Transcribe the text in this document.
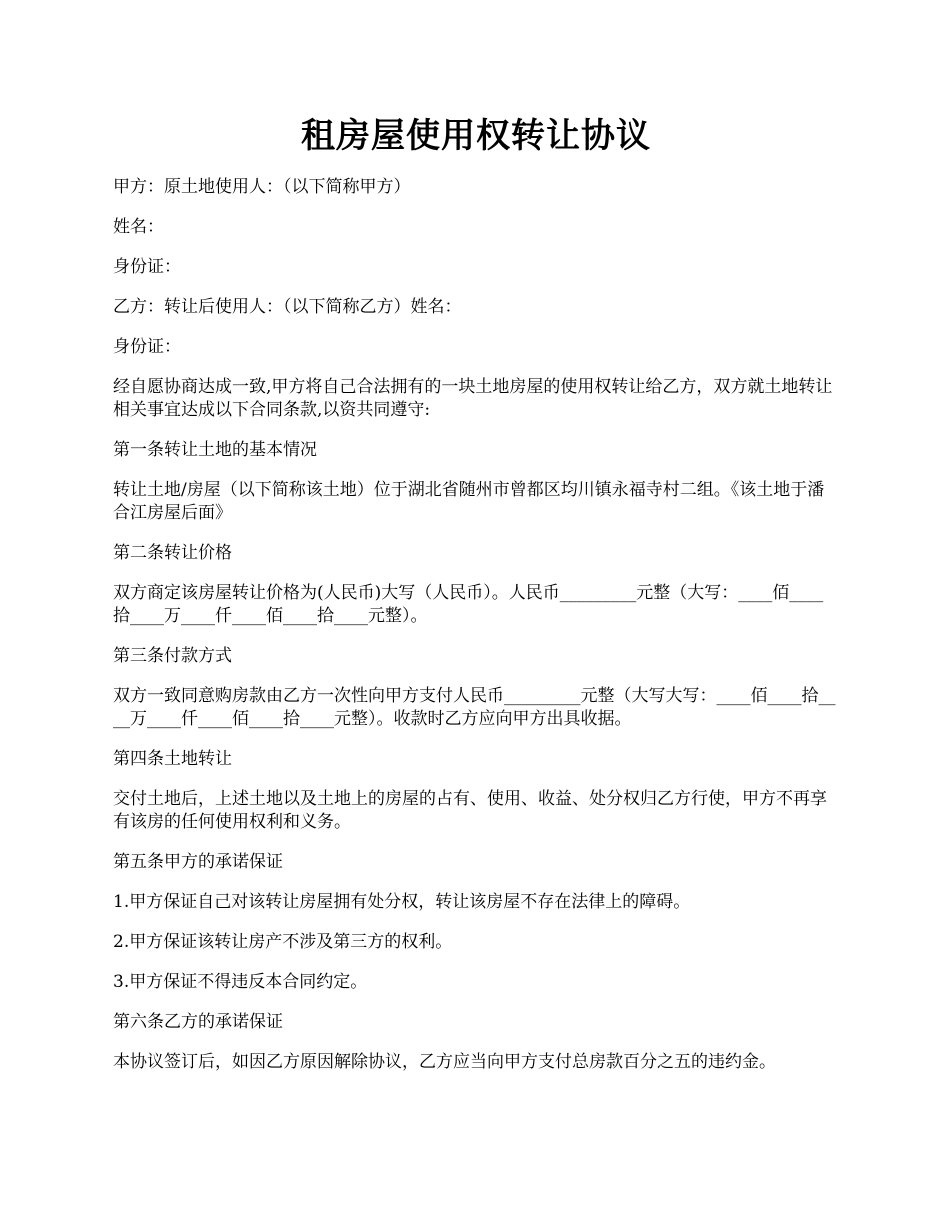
租房屋使用权转让协议

甲方：原土地使用人：（以下简称甲方）

姓名：

身份证：

乙方：转让后使用人：（以下简称乙方）姓名：

身份证：

经自愿协商达成一致,甲方将自己合法拥有的一块土地房屋的使用权转让给乙方，双方就土地转让相关事宜达成以下合同条款,以资共同遵守:

第一条转让土地的基本情况

转让土地/房屋（以下简称该土地）位于湖北省随州市曾都区均川镇永福寺村二组。《该土地于潘合江房屋后面》

第二条转让价格

双方商定该房屋转让价格为(人民币)大写（人民币）。人民币_________元整（大写：____佰____拾____万____仟____佰____拾____元整）。

第三条付款方式

双方一致同意购房款由乙方一次性向甲方支付人民币_________元整（大写大写：____佰____拾____万____仟____佰____拾____元整）。收款时乙方应向甲方出具收据。

第四条土地转让

交付土地后，上述土地以及土地上的房屋的占有、使用、收益、处分权归乙方行使，甲方不再享有该房的任何使用权利和义务。

第五条甲方的承诺保证

1.甲方保证自己对该转让房屋拥有处分权，转让该房屋不存在法律上的障碍。

2.甲方保证该转让房产不涉及第三方的权利。

3.甲方保证不得违反本合同约定。

第六条乙方的承诺保证

本协议签订后，如因乙方原因解除协议，乙方应当向甲方支付总房款百分之五的违约金。
